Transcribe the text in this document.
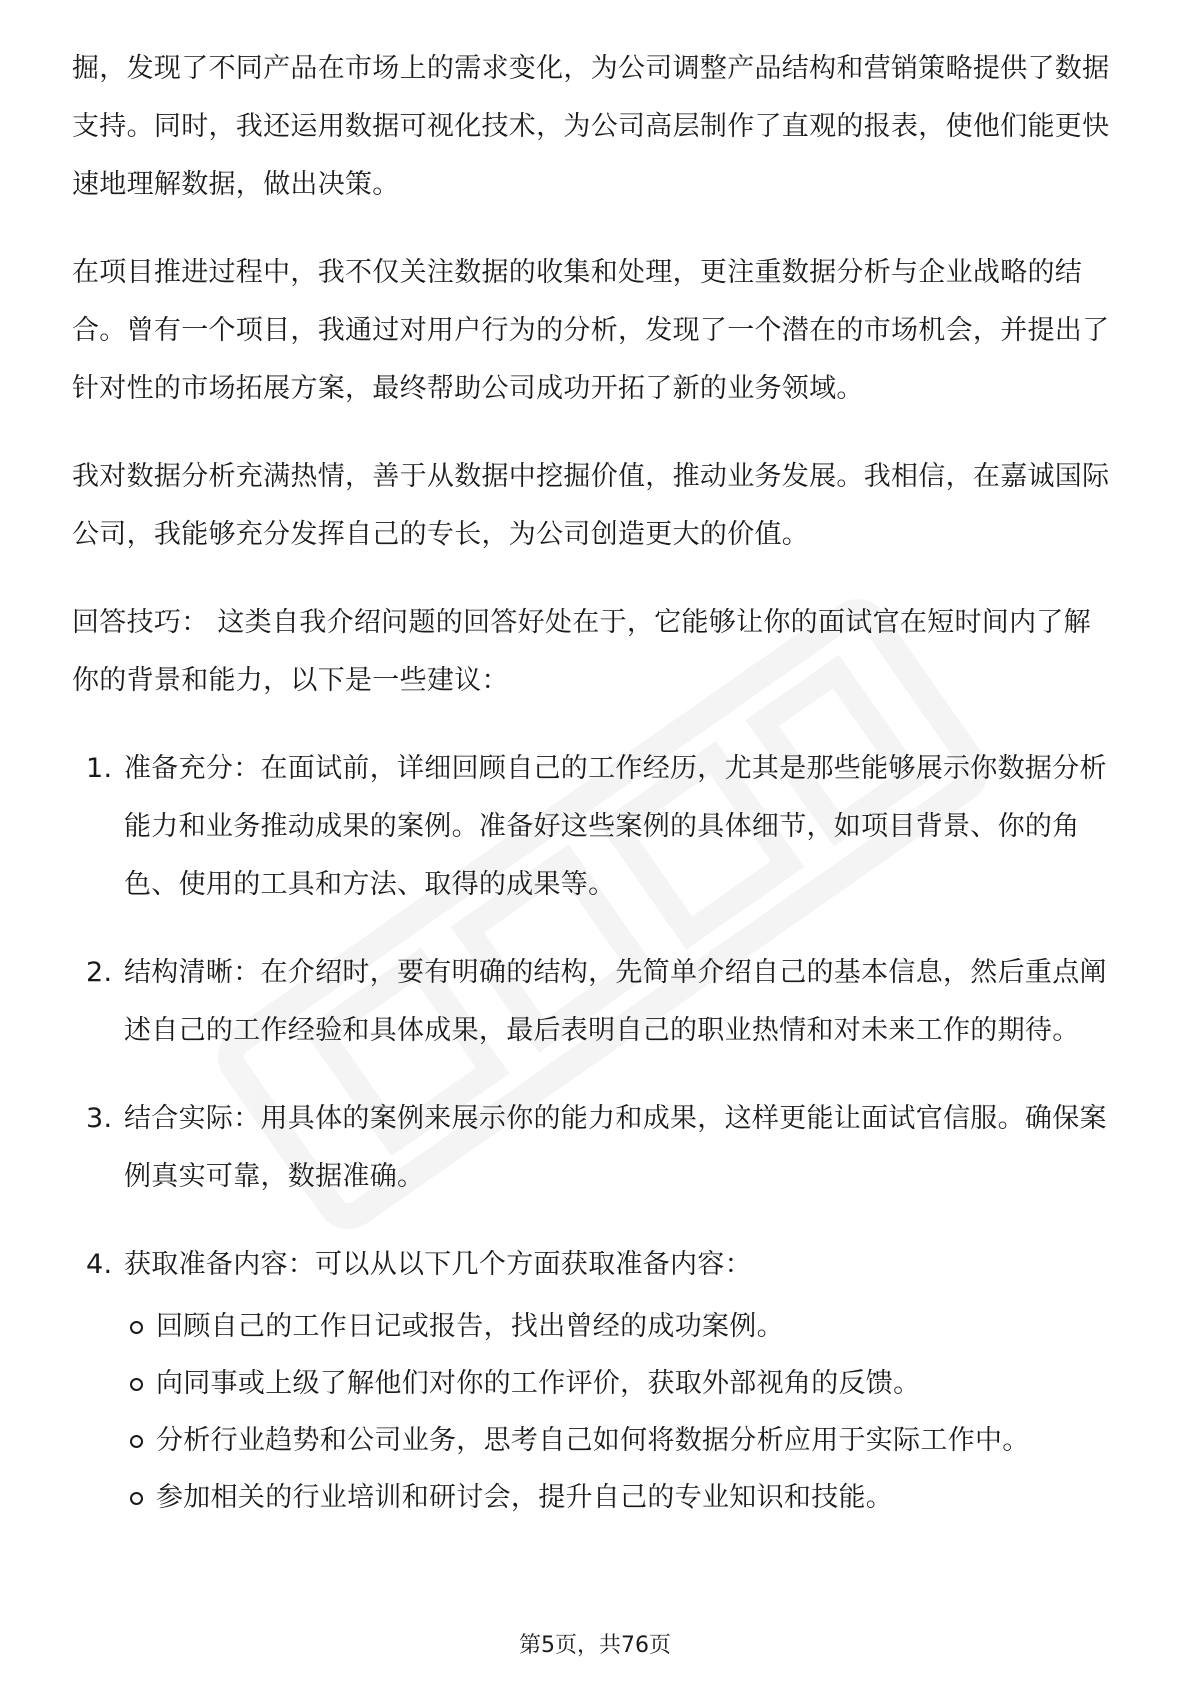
掘，发现了不同产品在市场上的需求变化，为公司调整产品结构和营销策略提供了数据支持。同时，我还运用数据可视化技术，为公司高层制作了直观的报表，使他们能更快速地理解数据，做出决策。

在项目推进过程中，我不仅关注数据的收集和处理，更注重数据分析与企业战略的结合。曾有一个项目，我通过对用户行为的分析，发现了一个潜在的市场机会，并提出了针对性的市场拓展方案，最终帮助公司成功开拓了新的业务领域。

我对数据分析充满热情，善于从数据中挖掘价值，推动业务发展。我相信，在嘉诚国际公司，我能够充分发挥自己的专长，为公司创造更大的价值。

回答技巧： 这类自我介绍问题的回答好处在于，它能够让你的面试官在短时间内了解你的背景和能力，以下是一些建议：

1. 准备充分：在面试前，详细回顾自己的工作经历，尤其是那些能够展示你数据分析能力和业务推动成果的案例。准备好这些案例的具体细节，如项目背景、你的角色、使用的工具和方法、取得的成果等。
2. 结构清晰：在介绍时，要有明确的结构，先简单介绍自己的基本信息，然后重点阐述自己的工作经验和具体成果，最后表明自己的职业热情和对未来工作的期待。
3. 结合实际：用具体的案例来展示你的能力和成果，这样更能让面试官信服。确保案例真实可靠，数据准确。
4. 获取准备内容：可以从以下几个方面获取准备内容：
回顾自己的工作日记或报告，找出曾经的成功案例。
向同事或上级了解他们对你的工作评价，获取外部视角的反馈。
分析行业趋势和公司业务，思考自己如何将数据分析应用于实际工作中。
参加相关的行业培训和研讨会，提升自己的专业知识和技能。
第5页，共76页
